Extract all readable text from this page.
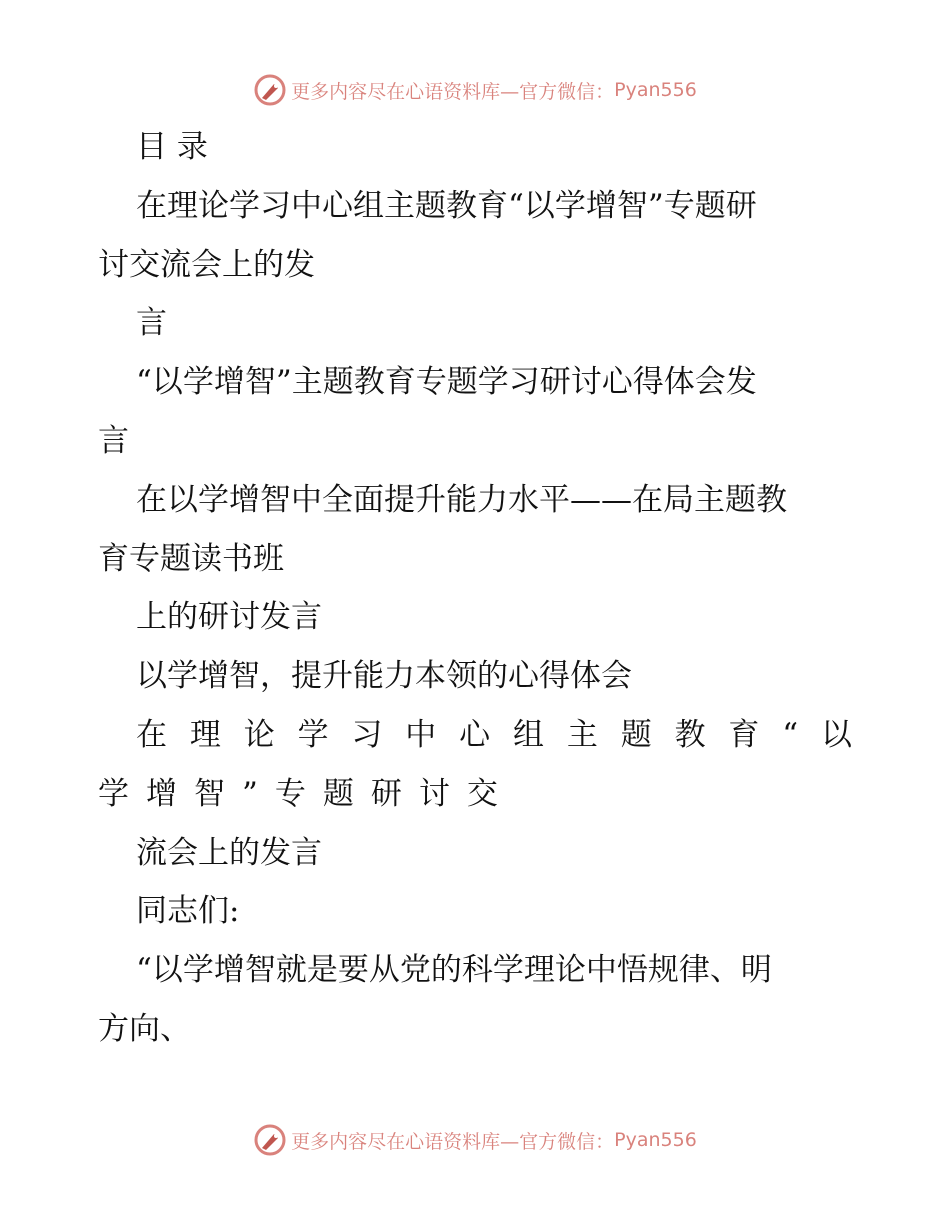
更多内容尽在心语资料库—官方微信： Pyan556
目 录
在理论学习中心组主题教育“以学增智”专题研
讨交流会上的发
言
“以学增智”主题教育专题学习研讨心得体会发
言
在以学增智中全面提升能力水平——在局主题教
育专题读书班
上的研讨发言
以学增智，提升能力本领的心得体会
在理论学习中心组主题教育“以
学增智”专题研讨交
流会上的发言
同志们:
“以学增智就是要从党的科学理论中悟规律、明
方向、
更多内容尽在心语资料库—官方微信： Pyan556
